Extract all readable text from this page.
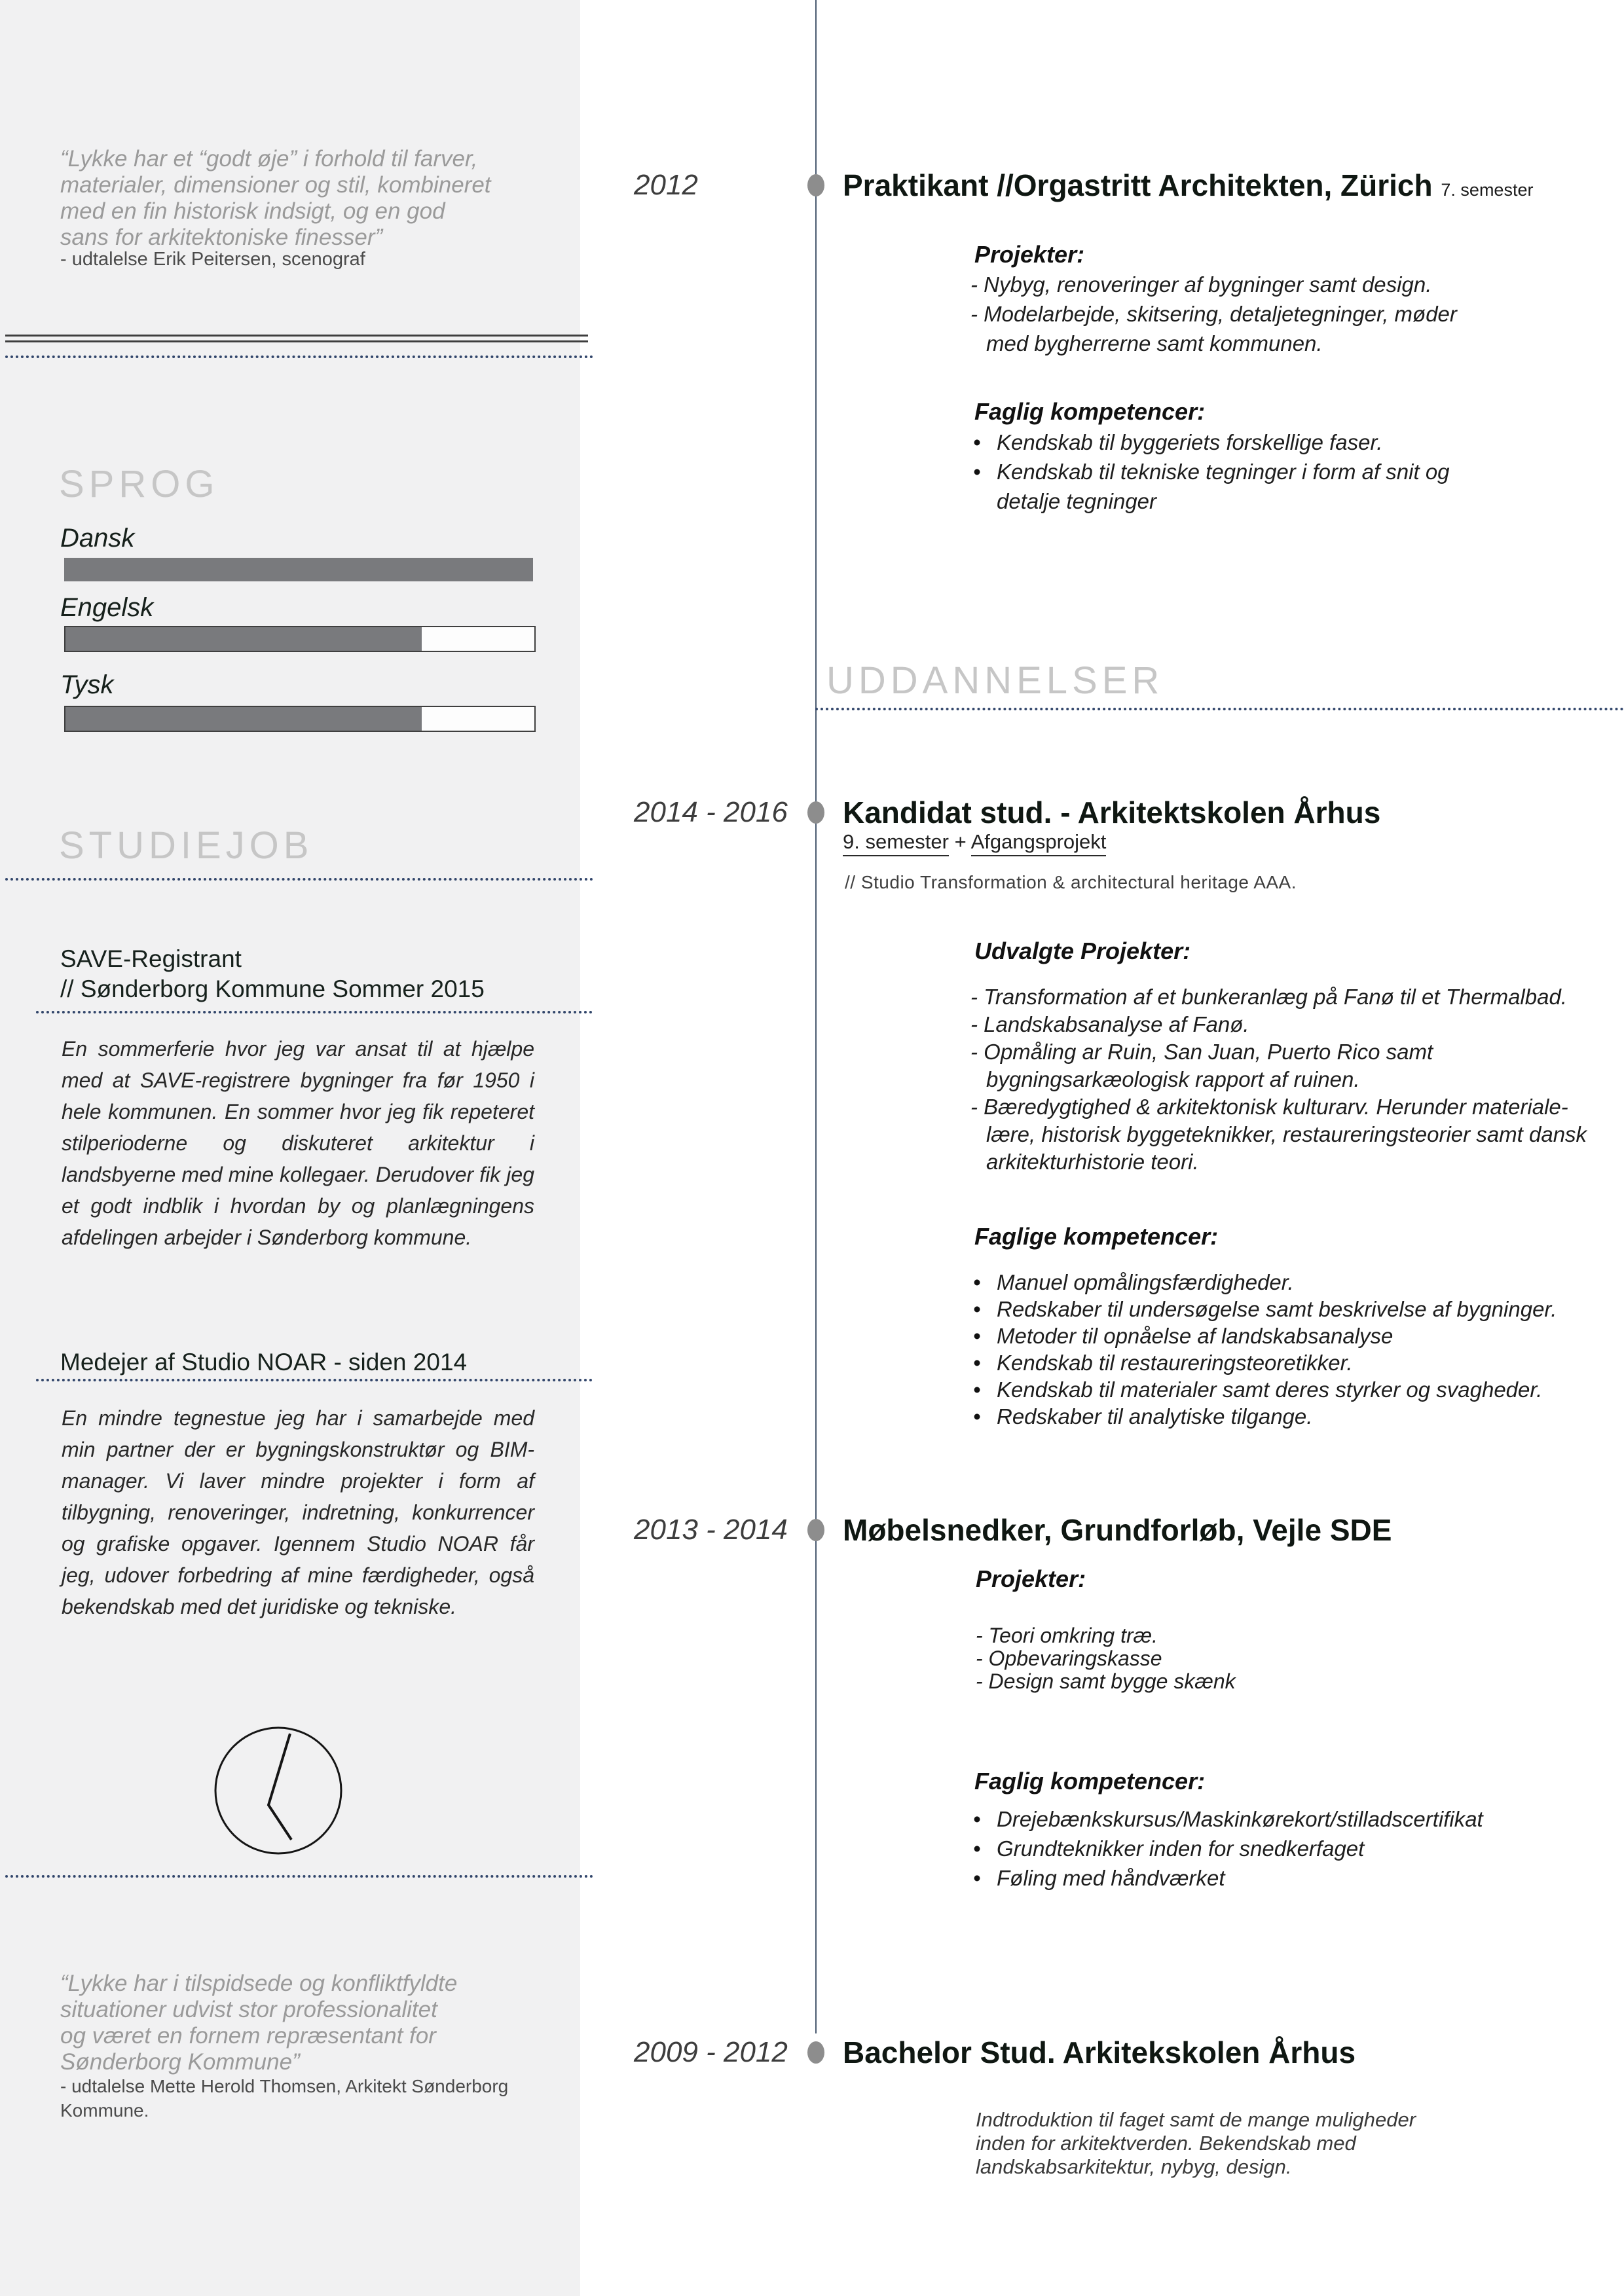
“Lykke har et “godt øje” i forhold til farver,
materialer, dimensioner og stil, kombineret
med en fin historisk indsigt, og en god
sans for arkitektoniske finesser”
- udtalelse Erik Peitersen, scenograf
SPROG
Dansk
Engelsk
Tysk
STUDIEJOB
SAVE-Registrant
// Sønderborg Kommune Sommer 2015
En sommerferie hvor jeg var ansat til at hjælpe med at SAVE-registrere bygninger fra før 1950 i hele kommunen. En sommer hvor jeg fik repeteret stilperioderne og diskuteret arkitektur i landsbyerne med mine kollegaer. Derudover fik jeg et godt indblik i hvordan by og planlægningens afdelingen arbejder i Sønderborg kommune.
Medejer af Studio NOAR - siden 2014
En mindre tegnestue jeg har i samarbejde med min partner der er bygningskonstruktør og BIM-manager. Vi laver mindre projekter i form af tilbygning, renoveringer, indretning, konkurrencer og grafiske opgaver. Igennem Studio NOAR får jeg, udover forbedring af mine færdigheder, også bekendskab med det juridiske og tekniske.
“Lykke har i tilspidsede og konfliktfyldte
situationer udvist stor professionalitet
og været en fornem repræsentant for
Sønderborg Kommune”
- udtalelse Mette Herold Thomsen, Arkitekt Sønderborg
Kommune.
2012	Praktikant //Orgastritt Architekten, Zürich 7. semester
Projekter:
- Nybyg, renoveringer af bygninger samt design.
- Modelarbejde, skitsering, detaljetegninger, møder
med bygherrerne samt kommunen.
Faglig kompetencer:
• Kendskab til byggeriets forskellige faser.
• Kendskab til tekniske tegninger i form af snit og
detalje tegninger
UDDANNELSER
2014 - 2016 Kandidat stud. - Arkitektskolen Århus
9. semester + Afgangsprojekt
// Studio Transformation & architectural heritage AAA.
Udvalgte Projekter:
- Transformation af et bunkeranlæg på Fanø til et Thermalbad.
- Landskabsanalyse af Fanø.
- Opmåling ar Ruin, San Juan, Puerto Rico samt
bygningsarkæologisk rapport af ruinen.
- Bæredygtighed & arkitektonisk kulturarv. Herunder materiale-
lære, historisk byggeteknikker, restaureringsteorier samt dansk
arkitekturhistorie teori.
Faglige kompetencer:
• Manuel opmålingsfærdigheder.
• Redskaber til undersøgelse samt beskrivelse af bygninger.
• Metoder til opnåelse af landskabsanalyse
• Kendskab til restaureringsteoretikker.
• Kendskab til materialer samt deres styrker og svagheder.
• Redskaber til analytiske tilgange.
2013 - 2014 Møbelsnedker, Grundforløb, Vejle SDE
Projekter:
- Teori omkring træ.
- Opbevaringskasse
- Design samt bygge skænk
Faglig kompetencer:
• Drejebænkskursus/Maskinkørekort/stilladscertifikat
• Grundteknikker inden for snedkerfaget
• Føling med håndværket
2009 - 2012 Bachelor Stud. Arkitekskolen Århus
Indtroduktion til faget samt de mange muligheder
inden for arkitektverden. Bekendskab med
landskabsarkitektur, nybyg, design.
